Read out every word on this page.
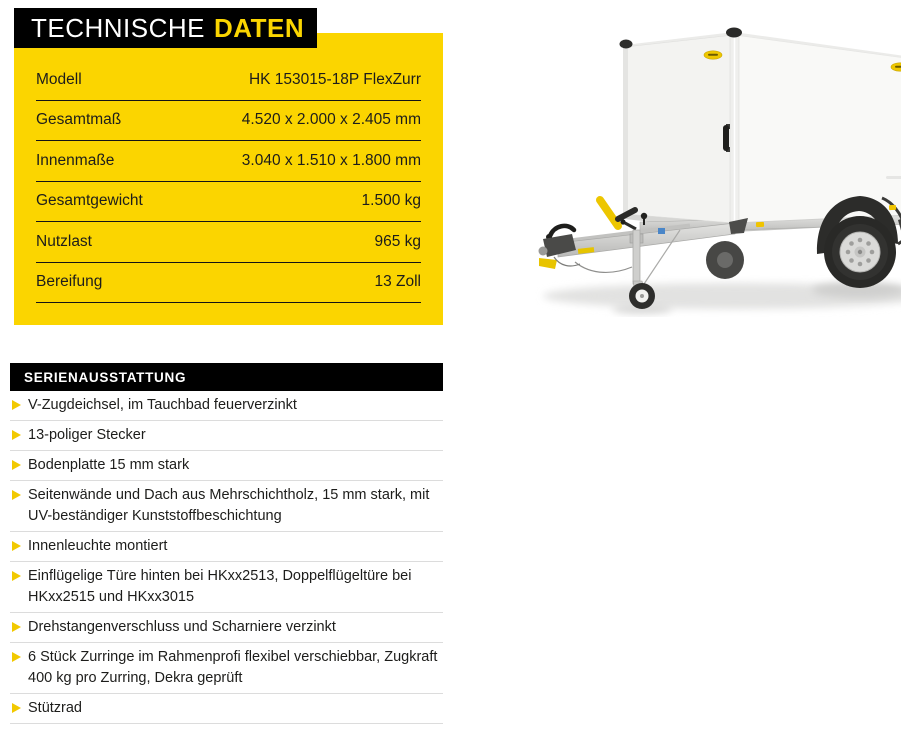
TECHNISCHE DATEN
Modell	HK 153015-18P FlexZurr
Gesamtmaß	4.520 x 2.000 x 2.405 mm
Innenmaße	3.040 x 1.510 x 1.800 mm
Gesamtgewicht	1.500 kg
Nutzlast	965 kg
Bereifung	13 Zoll
SERIENAUSSTATTUNG
V-Zugdeichsel, im Tauchbad feuerverzinkt
13-poliger Stecker
Bodenplatte 15 mm stark
Seitenwände und Dach aus Mehrschichtholz, 15 mm stark, mit UV-beständiger Kunststoffbeschichtung
Innenleuchte montiert
Einflügelige Türe hinten bei HKxx2513, Doppelflügeltüre bei HKxx2515 und HKxx3015
Drehstangenverschluss und Scharniere verzinkt
6 Stück Zurringe im Rahmenprofi flexibel verschiebbar, Zugkraft 400 kg pro Zurring, Dekra geprüft
Stützrad
